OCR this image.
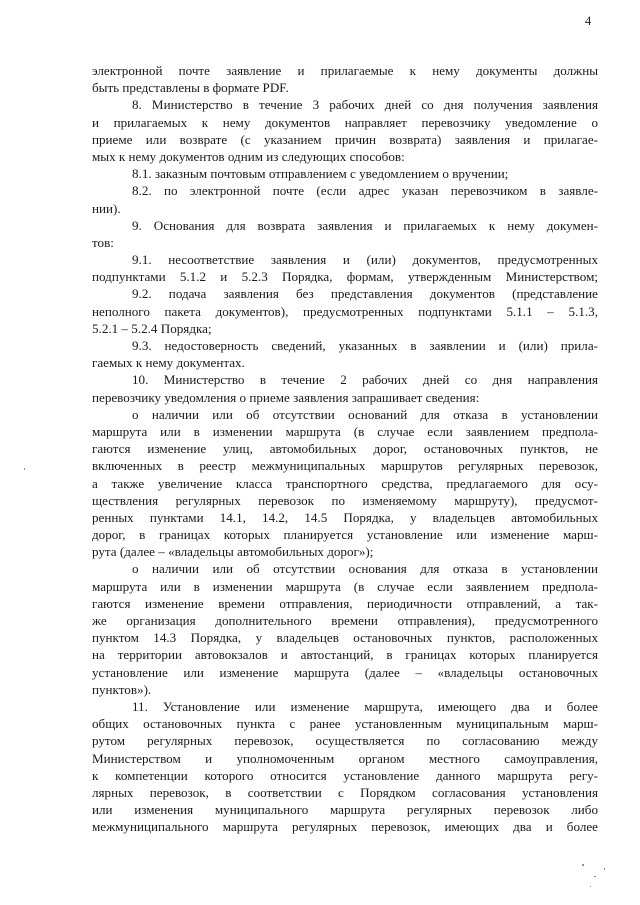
4
электронной почте заявление и прилагаемые к нему документы должны
быть представлены в формате PDF.
8. Министерство в течение 3 рабочих дней со дня получения заявления
и прилагаемых к нему документов направляет перевозчику уведомление о
приеме или возврате (с указанием причин возврата) заявления и прилагае-
мых к нему документов одним из следующих способов:
8.1. заказным почтовым отправлением с уведомлением о вручении;
8.2. по электронной почте (если адрес указан перевозчиком в заявле-
нии).
9. Основания для возврата заявления и прилагаемых к нему докумен-
тов:
9.1. несоответствие заявления и (или) документов, предусмотренных
подпунктами 5.1.2 и 5.2.3 Порядка, формам, утвержденным Министерством;
9.2. подача заявления без представления документов (представление
неполного пакета документов), предусмотренных подпунктами 5.1.1 – 5.1.3,
5.2.1 – 5.2.4 Порядка;
9.3. недостоверность сведений, указанных в заявлении и (или) прила-
гаемых к нему документах.
10. Министерство в течение 2 рабочих дней со дня направления
перевозчику уведомления о приеме заявления запрашивает сведения:
о наличии или об отсутствии оснований для отказа в установлении
маршрута или в изменении маршрута (в случае если заявлением предпола-
гаются изменение улиц, автомобильных дорог, остановочных пунктов, не
включенных в реестр межмуниципальных маршрутов регулярных перевозок,
а также увеличение класса транспортного средства, предлагаемого для осу-
ществления регулярных перевозок по изменяемому маршруту), предусмот-
ренных пунктами 14.1, 14.2, 14.5 Порядка, у владельцев автомобильных
дорог, в границах которых планируется установление или изменение марш-
рута (далее – «владельцы автомобильных дорог»);
о наличии или об отсутствии основания для отказа в установлении
маршрута или в изменении маршрута (в случае если заявлением предпола-
гаются изменение времени отправления, периодичности отправлений, а так-
же организация дополнительного времени отправления), предусмотренного
пунктом 14.3 Порядка, у владельцев остановочных пунктов, расположенных
на территории автовокзалов и автостанций, в границах которых планируется
установление или изменение маршрута (далее – «владельцы остановочных
пунктов»).
11. Установление или изменение маршрута, имеющего два и более
общих остановочных пункта с ранее установленным муниципальным марш-
рутом регулярных перевозок, осуществляется по согласованию между
Министерством и уполномоченным органом местного самоуправления,
к компетенции которого относится установление данного маршрута регу-
лярных перевозок, в соответствии с Порядком согласования установления
или изменения муниципального маршрута регулярных перевозок либо
межмуниципального маршрута регулярных перевозок, имеющих два и более
